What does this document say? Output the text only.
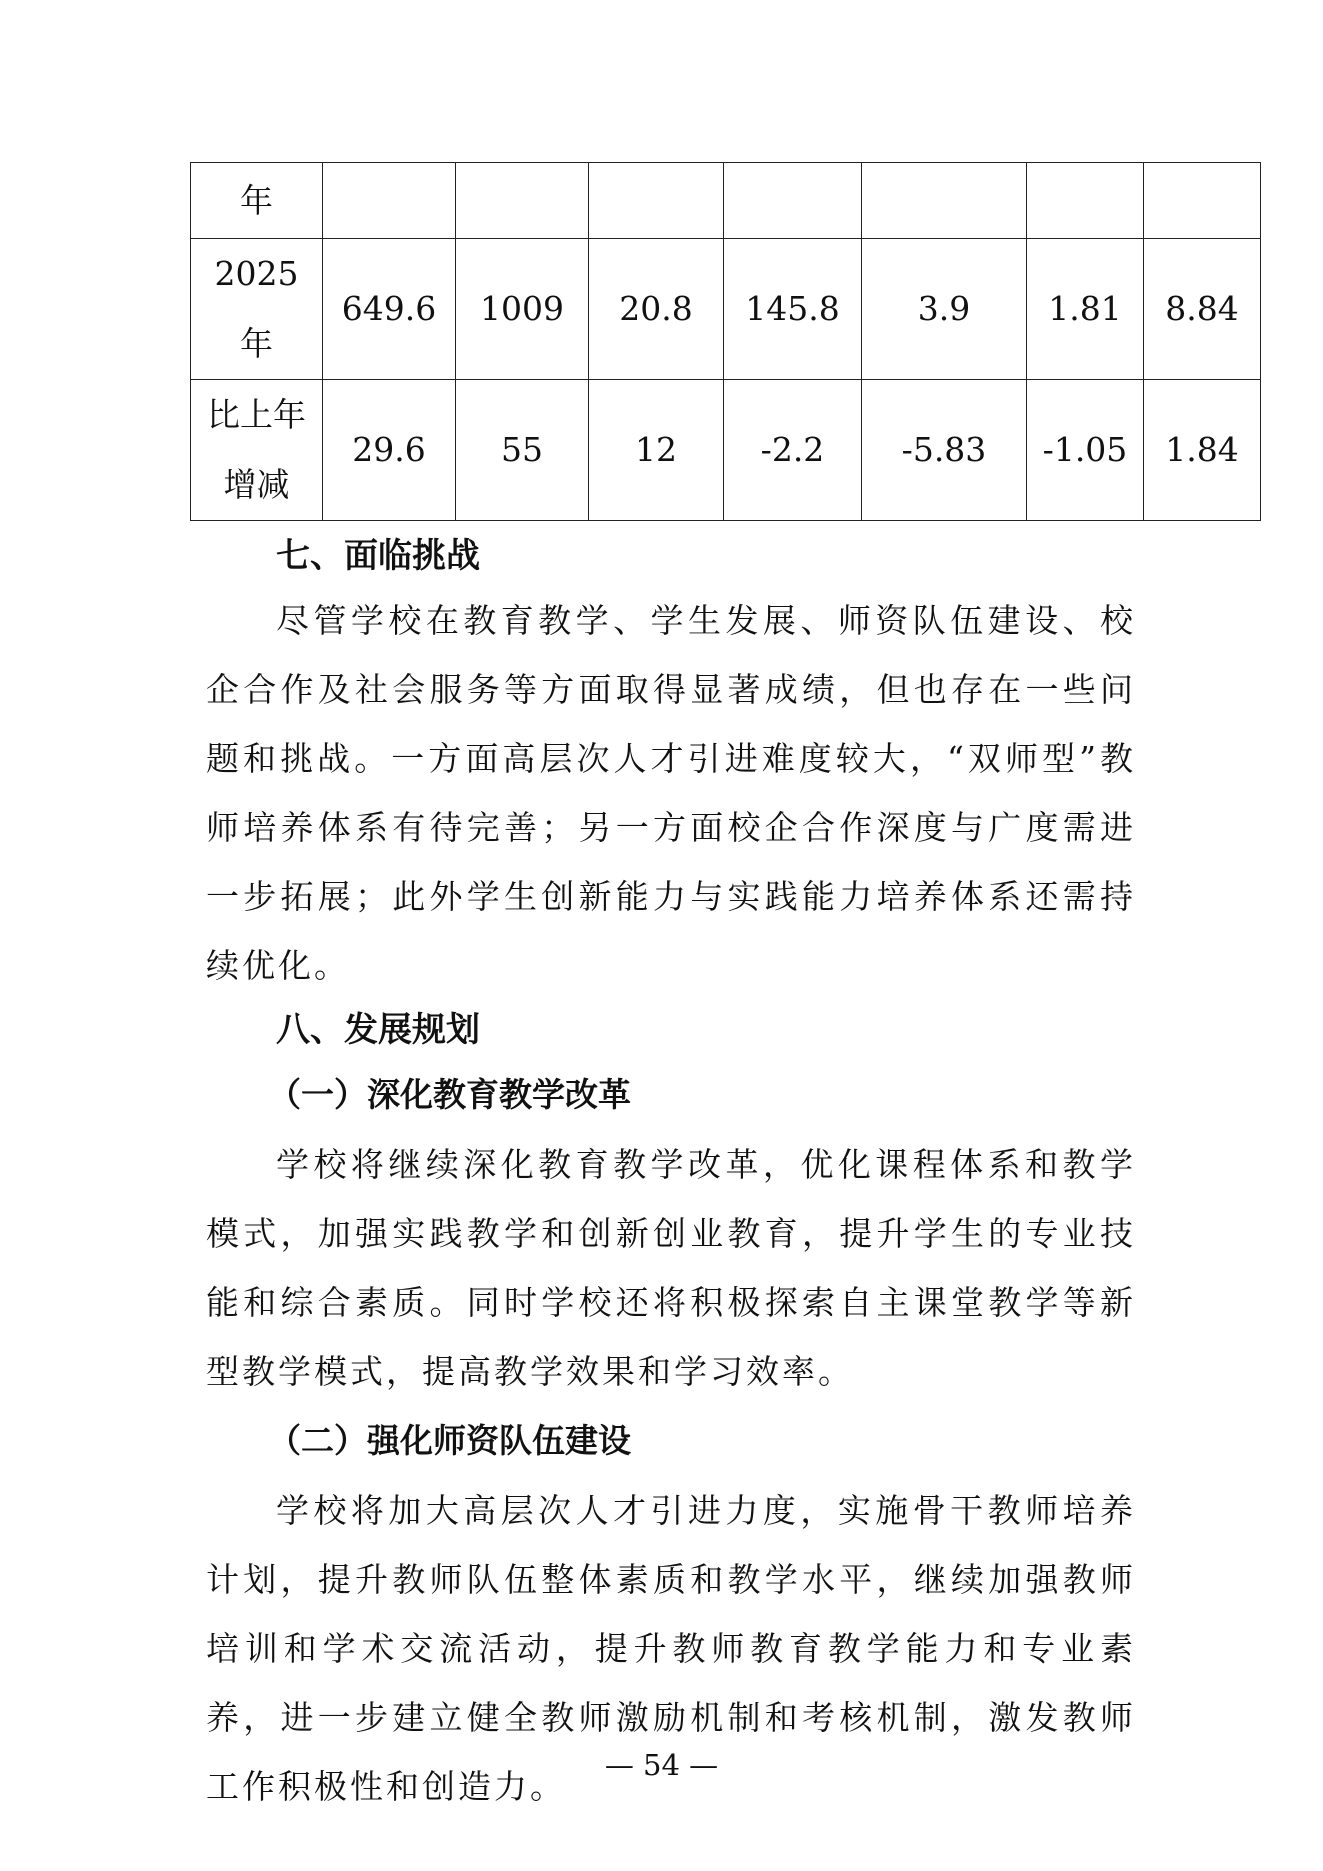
年							
2025
年	649.6	1009	20.8	145.8	3.9	1.81	8.84
比上年
增减	29.6	55	12	-2.2	-5.83	-1.05	1.84
七、面临挑战

尽管学校在教育教学、学生发展、师资队伍建设、校企合作及社会服务等方面取得显著成绩，但也存在一些问题和挑战。一方面高层次人才引进难度较大，“双师型”教师培养体系有待完善；另一方面校企合作深度与广度需进一步拓展；此外学生创新能力与实践能力培养体系还需持续优化。

八、发展规划
（一）深化教育教学改革

学校将继续深化教育教学改革，优化课程体系和教学模式，加强实践教学和创新创业教育，提升学生的专业技能和综合素质。同时学校还将积极探索自主课堂教学等新型教学模式，提高教学效果和学习效率。

（二）强化师资队伍建设

学校将加大高层次人才引进力度，实施骨干教师培养计划，提升教师队伍整体素质和教学水平，继续加强教师培训和学术交流活动，提升教师教育教学能力和专业素养，进一步建立健全教师激励机制和考核机制，激发教师工作积极性和创造力。

— 54 —
